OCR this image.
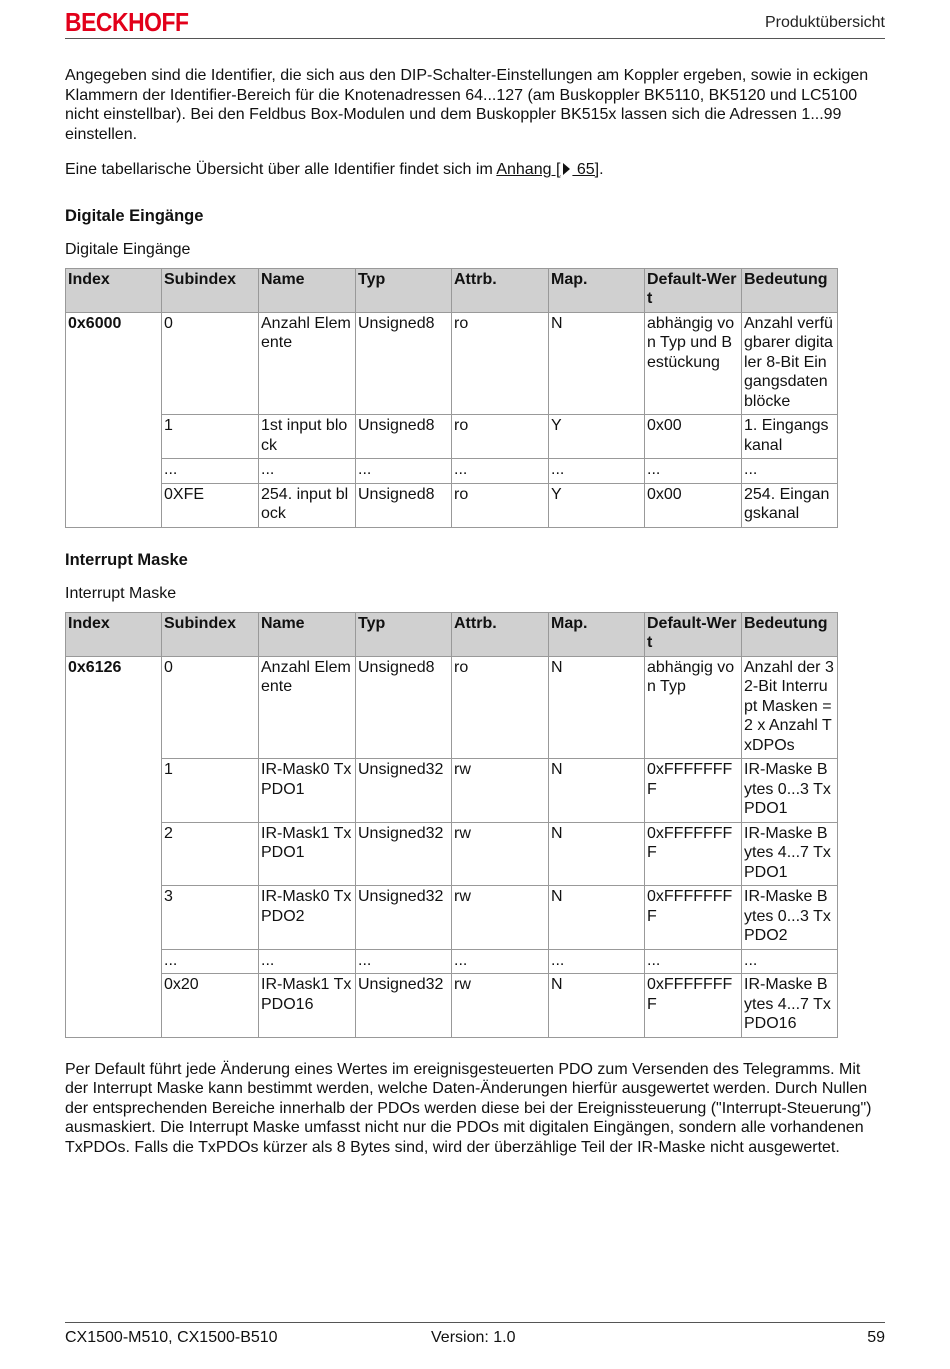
BECKHOFF	Produktübersicht

Angegeben sind die Identifier, die sich aus den DIP-Schalter-Einstellungen am Koppler ergeben, sowie in eckigen Klammern der Identifier-Bereich für die Knotenadressen 64...127 (am Buskoppler BK5110, BK5120 und LC5100 nicht einstellbar). Bei den Feldbus Box-Modulen und dem Buskoppler BK515x lassen sich die Adressen 1...99 einstellen.

Eine tabellarische Übersicht über alle Identifier findet sich im Anhang [ 65].

Digitale Eingänge
Digitale Eingänge
Index	Subindex	Name	Typ	Attrb.	Map.	Default-Wert	Bedeutung
0x6000	0	Anzahl Elemente	Unsigned8	ro	N	abhängig von Typ und Bestückung	Anzahl verfügbarer digitaler 8-Bit Eingangsdatenblöcke
	1	1st input block	Unsigned8	ro	Y	0x00	1. Eingangskanal
	...	...	...	...	...	...	...
	0XFE	254. input block	Unsigned8	ro	Y	0x00	254. Eingangskanal
Interrupt Maske
Interrupt Maske
Index	Subindex	Name	Typ	Attrb.	Map.	Default-Wert	Bedeutung
0x6126	0	Anzahl Elemente	Unsigned8	ro	N	abhängig von Typ	Anzahl der 32-Bit Interrupt Masken = 2 x Anzahl TxDPOs
	1	IR-Mask0 TxPDO1	Unsigned32	rw	N	0xFFFFFFFF	IR-Maske Bytes 0...3 TxPDO1
	2	IR-Mask1 TxPDO1	Unsigned32	rw	N	0xFFFFFFFF	IR-Maske Bytes 4...7 TxPDO1
	3	IR-Mask0 TxPDO2	Unsigned32	rw	N	0xFFFFFFFF	IR-Maske Bytes 0...3 TxPDO2
	...	...	...	...	...	...	...
	0x20	IR-Mask1 TxPDO16	Unsigned32	rw	N	0xFFFFFFFF	IR-Maske Bytes 4...7 TxPDO16

Per Default führt jede Änderung eines Wertes im ereignisgesteuerten PDO zum Versenden des Telegramms. Mit der Interrupt Maske kann bestimmt werden, welche Daten-Änderungen hierfür ausgewertet werden. Durch Nullen der entsprechenden Bereiche innerhalb der PDOs werden diese bei der Ereignissteuerung ("Interrupt-Steuerung") ausmaskiert. Die Interrupt Maske umfasst nicht nur die PDOs mit digitalen Eingängen, sondern alle vorhandenen TxPDOs. Falls die TxPDOs kürzer als 8 Bytes sind, wird der überzählige Teil der IR-Maske nicht ausgewertet.

CX1500-M510, CX1500-B510	Version: 1.0	59
